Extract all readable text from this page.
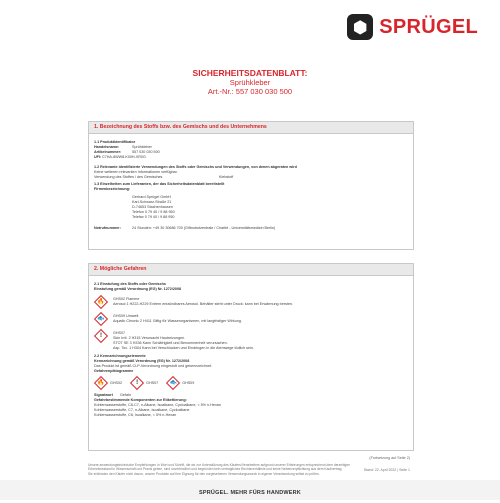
⬢ SPRÜGEL
SICHERHEITSDATENBLATT:
Sprühkleber
Art.-Nr.: 557 030 030 500
1. Bezeichnung des Stoffs bzw. des Gemischs und des Unternehmens
1.1 Produktidentifikator
Handelsname:	Sprühkleber
Artikelnummer:	557 030 030 500
UFI: C7HA-8WW8-K00H-XR0G
1.2 Relevante identifizierte Verwendungen des Stoffs oder Gemischs und Verwendungen, von denen abgeraten wird
Keine weiteren relevanten Informationen verfügbar.
Verwendung des Stoffes / des Gemisches	Klebstoff
1.3 Einzelheiten zum Lieferanten, der das Sicherheitsdatenblatt bereitstellt
Firmenbezeichnung:
Gerhard Sprügel GmbH
Karl-Schwarz-Straße 21
D-74653 Stachenhausen
Telefon 0 79 40 / 9 88 950
Telefax 0 79 40 / 9 88 950
Notrufnummer:	24 Stunden: +49 30 30686 700 (Giftnotrufzentrale / Charité - Universitätsmedizin Berlin)
2. Mögliche Gefahren
2.1 Einstufung des Stoffs oder Gemischs
Einstufung gemäß Verordnung (EG) Nr. 1272/2008
🔥	GHS02 Flamme
Aerosol 1 H222-H229 Extrem entzündbares Aerosol. Behälter steht unter Druck: kann bei Erwärmung bersten.
🐟	GHS09 Umwelt
Aquatic Chronic 2 H411 Giftig für Wasserorganismen, mit langfristiger Wirkung.
!	GHS07
Skin Irrit. 2 H315 Verursacht Hautreizungen.
STOT SE 3 H336 Kann Schläfrigkeit und Benommenheit verursachen.
Asp. Tox. 1 H304 Kann bei Verschlucken und Eindringen in die Atemwege tödlich sein.
2.2 Kennzeichnungselemente
Kennzeichnung gemäß Verordnung (EG) Nr. 1272/2008
Das Produkt ist gemäß CLP-Verordnung eingestuft und gekennzeichnet.
Gefahrenpiktogramme
🔥	GHS02	!	GHS07	🐟	GHS09
Signalwort	Gefahr
Gefahrbestimmende Komponenten zur Etikettierung:
Kohlenwasserstoffe, C6-C7, n-Alkane, Isoalkane, Cycloalkane, < 5% n-Hexan
Kohlenwasserstoffe, C7, n-Alkane, Isoalkane, Cycloalkane
Kohlenwasserstoffe, C6, Isoalkane, < 5% n-Hexan
(Fortsetzung auf Seite 2)
Unsere anwendungstechnische Empfehlungen in Wort und Schrift, die wir zur Unterstützung des Käufers/Verarbeiters aufgrund unserer Erfahrungen entsprechend dem derzeitigen
Erkenntnisstand in Wissenschaft und Praxis geben, sind unverbindlich und begründen kein vertragliches Rechtsverhältnis und keine Nebenverpflichtung aus dem Kaufvertrag.
Sie entbinden den Käufer nicht davon, unsere Produkte auf ihre Eignung für den vorgesehenen Verwendungszweck in eigener Verantwortung selbst zu prüfen.
Stand: 22. April 2022 | Seite 1
SPRÜGEL. MEHR FÜRS HANDWERK
